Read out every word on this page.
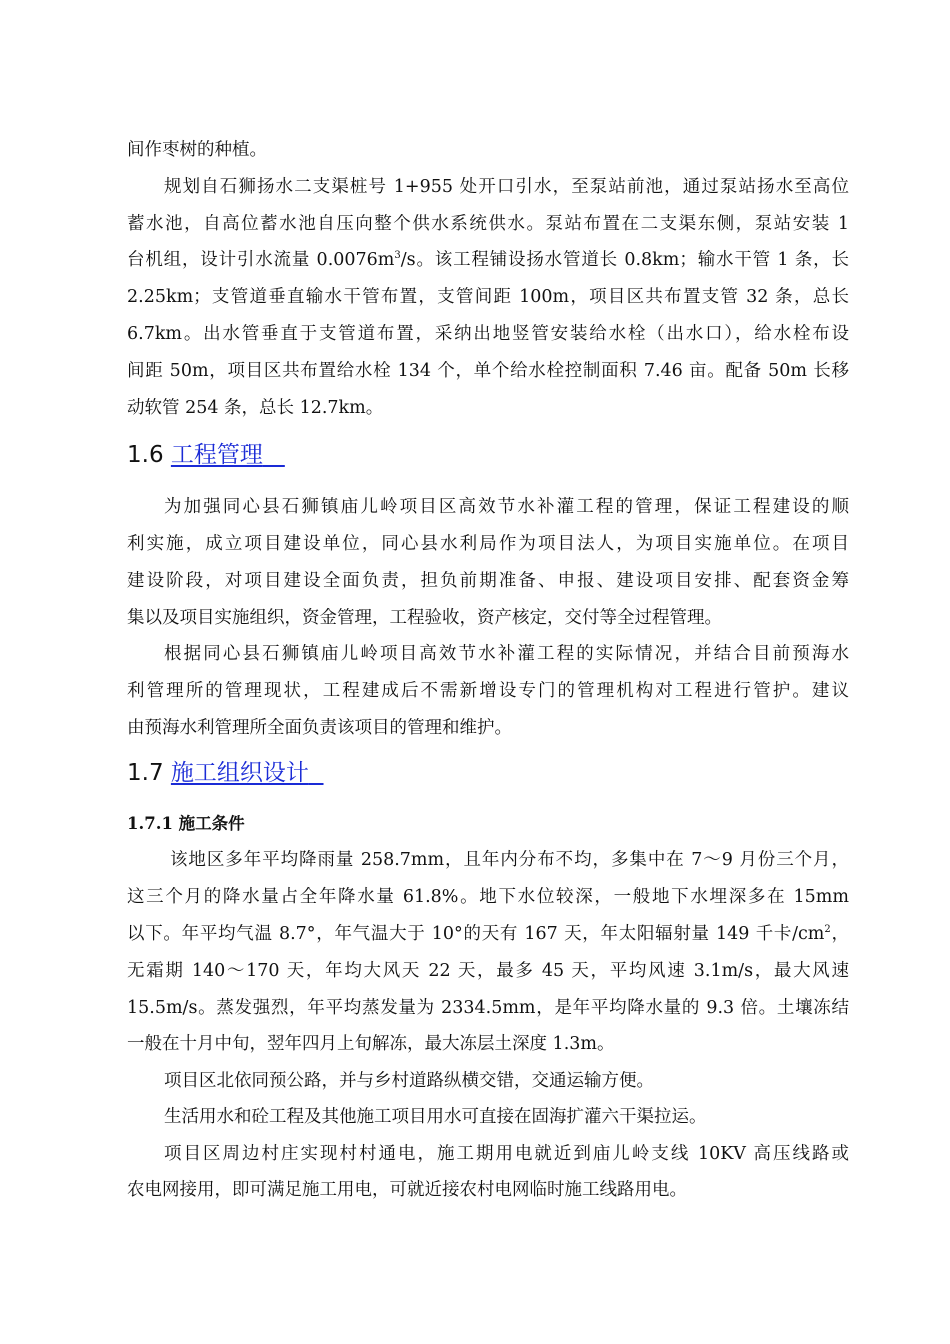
间作枣树的种植。
规划自石狮扬水二支渠桩号 1+955 处开口引水，至泵站前池，通过泵站扬水至高位
蓄水池，自高位蓄水池自压向整个供水系统供水。泵站布置在二支渠东侧，泵站安装 1
台机组，设计引水流量 $0.0076m^3/s$。该工程铺设扬水管道长 0.8km；输水干管 1 条，长
2.25km；支管道垂直输水干管布置，支管间距 100m，项目区共布置支管 32 条，总长
6.7km。出水管垂直于支管道布置，采纳出地竖管安装给水栓（出水口），给水栓布设
间距 50m，项目区共布置给水栓 134 个，单个给水栓控制面积 7.46 亩。配备 50m 长移
动软管 254 条，总长 12.7km。
1.6 工程管理
为加强同心县石狮镇庙儿岭项目区高效节水补灌工程的管理，保证工程建设的顺
利实施，成立项目建设单位，同心县水利局作为项目法人，为项目实施单位。在项目
建设阶段，对项目建设全面负责，担负前期准备、申报、建设项目安排、配套资金筹
集以及项目实施组织，资金管理，工程验收，资产核定，交付等全过程管理。
根据同心县石狮镇庙儿岭项目高效节水补灌工程的实际情况，并结合目前预海水
利管理所的管理现状，工程建成后不需新增设专门的管理机构对工程进行管护。建议
由预海水利管理所全面负责该项目的管理和维护。
1.7 施工组织设计
1.7.1 施工条件
该地区多年平均降雨量 258.7mm，且年内分布不均，多集中在 7～9 月份三个月，
这三个月的降水量占全年降水量 61.8%。地下水位较深，一般地下水埋深多在 15mm
以下。年平均气温 8.7°，年气温大于 10°的天有 167 天，年太阳辐射量 149 千卡$/cm^2$，
无霜期 140～170 天，年均大风天 22 天，最多 45 天，平均风速 3.1m/s，最大风速
15.5m/s。蒸发强烈，年平均蒸发量为 2334.5mm，是年平均降水量的 9.3 倍。土壤冻结
一般在十月中旬，翌年四月上旬解冻，最大冻层土深度 1.3m。
项目区北依同预公路，并与乡村道路纵横交错，交通运输方便。
生活用水和砼工程及其他施工项目用水可直接在固海扩灌六干渠拉运。
项目区周边村庄实现村村通电，施工期用电就近到庙儿岭支线 10KV 高压线路或
农电网接用，即可满足施工用电，可就近接农村电网临时施工线路用电。
